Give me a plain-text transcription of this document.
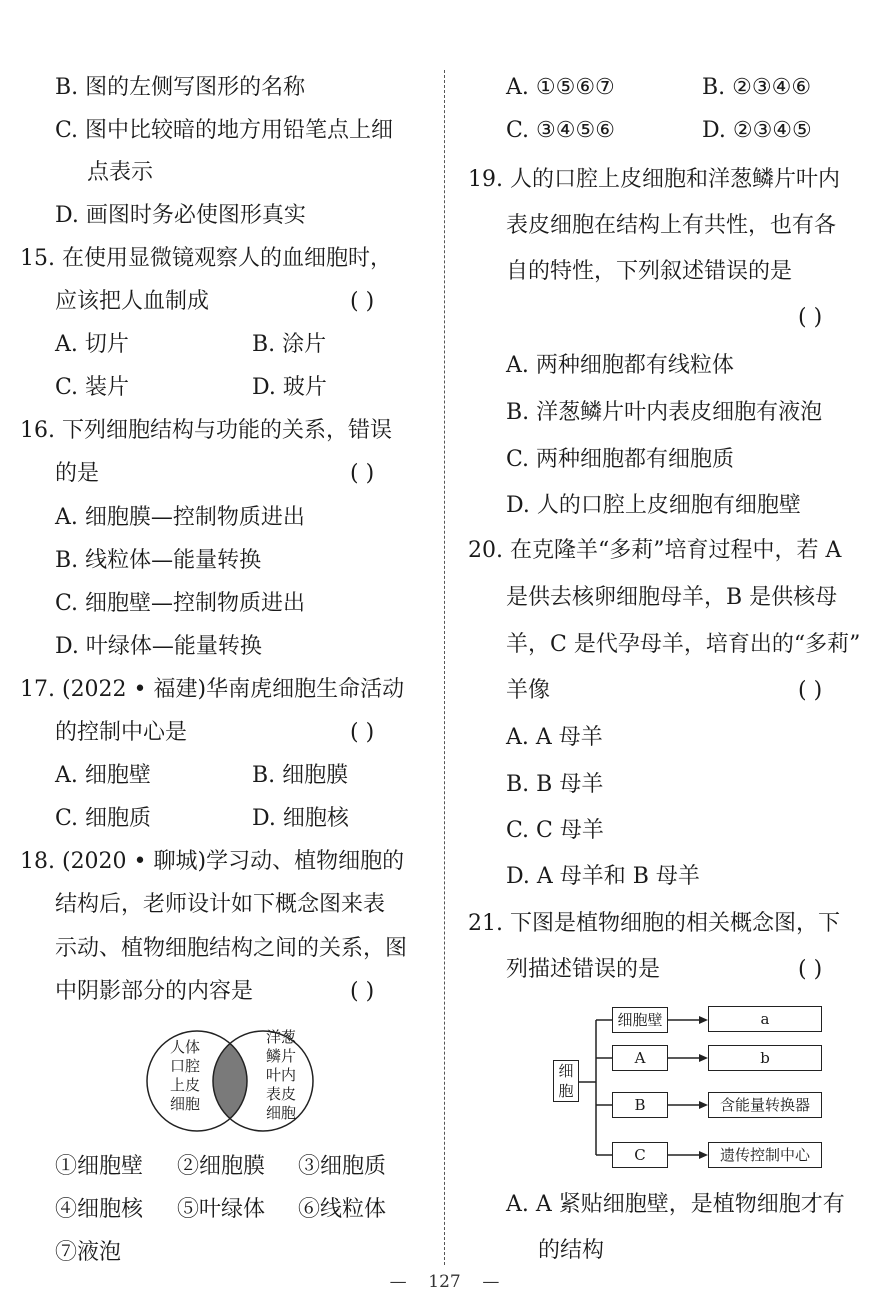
B. 图的左侧写图形的名称
C. 图中比较暗的地方用铅笔点上细
点表示
D. 画图时务必使图形真实
15. 在使用显微镜观察人的血细胞时，
应该把人血制成	( )
A. 切片	B. 涂片
C. 装片	D. 玻片
16. 下列细胞结构与功能的关系，错误
的是	( )
A. 细胞膜—控制物质进出
B. 线粒体—能量转换
C. 细胞壁—控制物质进出
D. 叶绿体—能量转换
17. (2022 • 福建)华南虎细胞生命活动
的控制中心是	( )
A. 细胞壁	B. 细胞膜
C. 细胞质	D. 细胞核
18. (2020 • 聊城)学习动、植物细胞的
结构后，老师设计如下概念图来表
示动、植物细胞结构之间的关系，图
中阴影部分的内容是	( )
人体
口腔
上皮
细胞
洋葱
鳞片
叶内
表皮
细胞
①细胞壁 ②细胞膜 ③细胞质
④细胞核 ⑤叶绿体 ⑥线粒体
⑦液泡
A. ①⑤⑥⑦	B. ②③④⑥
C. ③④⑤⑥	D. ②③④⑤
19. 人的口腔上皮细胞和洋葱鳞片叶内
表皮细胞在结构上有共性，也有各
自的特性，下列叙述错误的是
( )
A. 两种细胞都有线粒体
B. 洋葱鳞片叶内表皮细胞有液泡
C. 两种细胞都有细胞质
D. 人的口腔上皮细胞有细胞壁
20. 在克隆羊“多莉”培育过程中，若 A
是供去核卵细胞母羊，B 是供核母
羊，C 是代孕母羊，培育出的“多莉”
羊像	( )
A. A 母羊
B. B 母羊
C. C 母羊
D. A 母羊和 B 母羊
21. 下图是植物细胞的相关概念图，下
列描述错误的是	( )
A. A 紧贴细胞壁，是植物细胞才有
的结构
细胞
细胞壁
A
B
C
a
b
含能量转换器
遗传控制中心
— 127 —
